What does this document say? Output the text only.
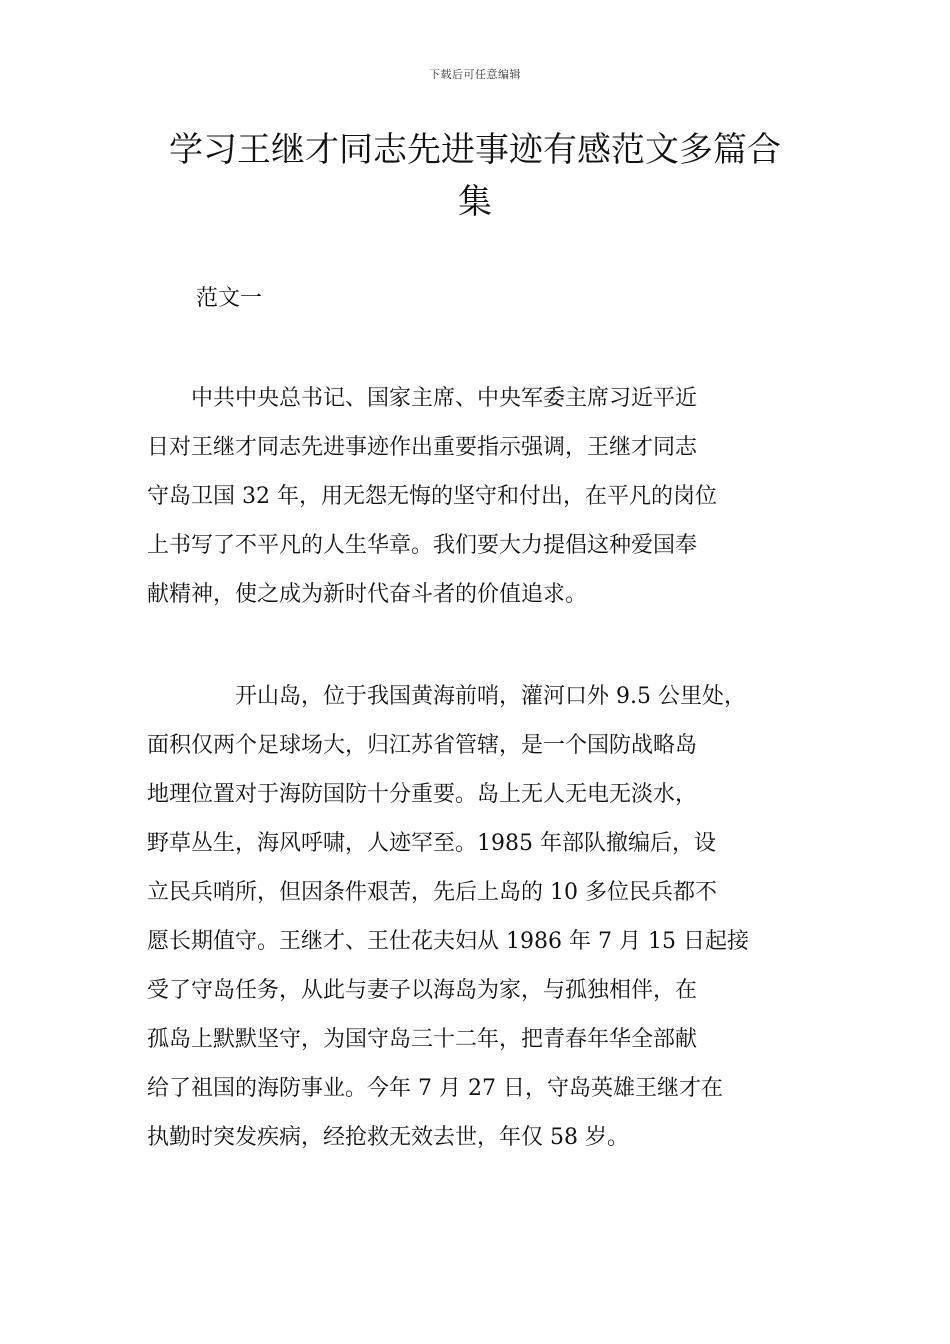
下载后可任意编辑
学习王继才同志先进事迹有感范文多篇合
集
范文一

　　中共中央总书记、国家主席、中央军委主席习近平近
日对王继才同志先进事迹作出重要指示强调，王继才同志
守岛卫国 32 年，用无怨无悔的坚守和付出，在平凡的岗位
上书写了不平凡的人生华章。我们要大力提倡这种爱国奉
献精神，使之成为新时代奋斗者的价值追求。

　　　　开山岛，位于我国黄海前哨，灌河口外 9.5 公里处，
面积仅两个足球场大，归江苏省管辖，是一个国防战略岛
地理位置对于海防国防十分重要。岛上无人无电无淡水，
野草丛生，海风呼啸，人迹罕至。1985 年部队撤编后，设
立民兵哨所，但因条件艰苦，先后上岛的 10 多位民兵都不
愿长期值守。王继才、王仕花夫妇从 1986 年 7 月 15 日起接
受了守岛任务，从此与妻子以海岛为家，与孤独相伴，在
孤岛上默默坚守，为国守岛三十二年，把青春年华全部献
给了祖国的海防事业。今年 7 月 27 日，守岛英雄王继才在
执勤时突发疾病，经抢救无效去世，年仅 58 岁。
